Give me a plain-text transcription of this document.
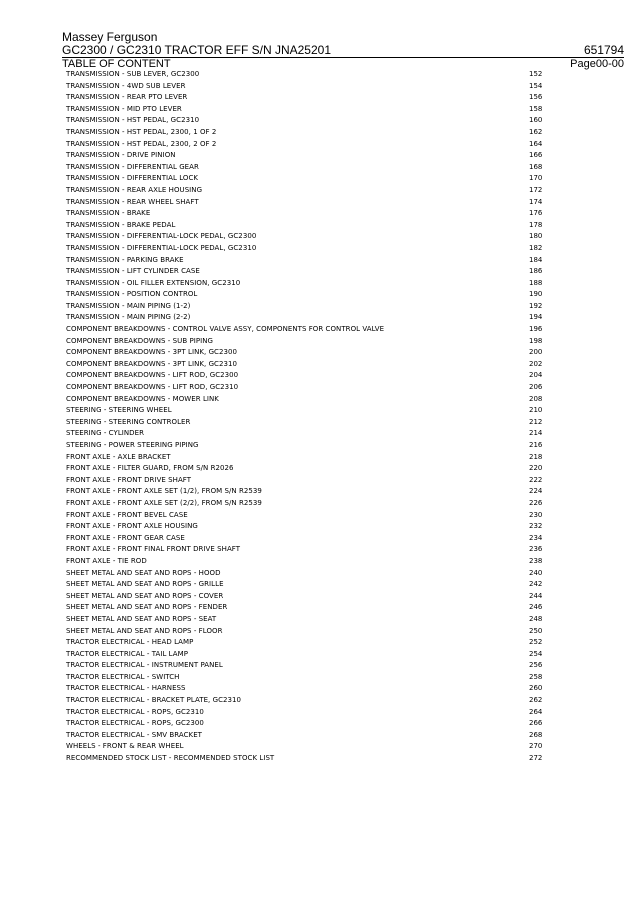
Massey Ferguson
GC2300 / GC2310 TRACTOR EFF S/N JNA25201	651794
TABLE OF CONTENT	Page00-00
TRANSMISSION - SUB LEVER, GC2300	152
TRANSMISSION - 4WD SUB LEVER	154
TRANSMISSION - REAR PTO LEVER	156
TRANSMISSION - MID PTO LEVER	158
TRANSMISSION - HST PEDAL, GC2310	160
TRANSMISSION - HST PEDAL, 2300, 1 OF 2	162
TRANSMISSION - HST PEDAL, 2300, 2 OF 2	164
TRANSMISSION - DRIVE PINION	166
TRANSMISSION - DIFFERENTIAL GEAR	168
TRANSMISSION - DIFFERENTIAL LOCK	170
TRANSMISSION - REAR AXLE HOUSING	172
TRANSMISSION - REAR WHEEL SHAFT	174
TRANSMISSION - BRAKE	176
TRANSMISSION - BRAKE PEDAL	178
TRANSMISSION - DIFFERENTIAL-LOCK PEDAL, GC2300	180
TRANSMISSION - DIFFERENTIAL-LOCK PEDAL, GC2310	182
TRANSMISSION - PARKING BRAKE	184
TRANSMISSION - LIFT CYLINDER CASE	186
TRANSMISSION - OIL FILLER EXTENSION, GC2310	188
TRANSMISSION - POSITION CONTROL	190
TRANSMISSION - MAIN PIPING (1-2)	192
TRANSMISSION - MAIN PIPING (2-2)	194
COMPONENT BREAKDOWNS - CONTROL VALVE ASSY, COMPONENTS FOR CONTROL VALVE	196
COMPONENT BREAKDOWNS - SUB PIPING	198
COMPONENT BREAKDOWNS - 3PT LINK, GC2300	200
COMPONENT BREAKDOWNS - 3PT LINK, GC2310	202
COMPONENT BREAKDOWNS - LIFT ROD, GC2300	204
COMPONENT BREAKDOWNS - LIFT ROD, GC2310	206
COMPONENT BREAKDOWNS - MOWER LINK	208
STEERING - STEERING WHEEL	210
STEERING - STEERING CONTROLER	212
STEERING - CYLINDER	214
STEERING - POWER STEERING PIPING	216
FRONT AXLE - AXLE BRACKET	218
FRONT AXLE - FILTER GUARD, FROM S/N R2026	220
FRONT AXLE - FRONT DRIVE SHAFT	222
FRONT AXLE - FRONT AXLE SET (1/2), FROM S/N R2539	224
FRONT AXLE - FRONT AXLE SET (2/2), FROM S/N R2539	226
FRONT AXLE - FRONT BEVEL CASE	230
FRONT AXLE - FRONT AXLE HOUSING	232
FRONT AXLE - FRONT GEAR CASE	234
FRONT AXLE - FRONT FINAL FRONT DRIVE SHAFT	236
FRONT AXLE - TIE ROD	238
SHEET METAL AND SEAT AND ROPS - HOOD	240
SHEET METAL AND SEAT AND ROPS - GRILLE	242
SHEET METAL AND SEAT AND ROPS - COVER	244
SHEET METAL AND SEAT AND ROPS - FENDER	246
SHEET METAL AND SEAT AND ROPS - SEAT	248
SHEET METAL AND SEAT AND ROPS - FLOOR	250
TRACTOR ELECTRICAL - HEAD LAMP	252
TRACTOR ELECTRICAL - TAIL LAMP	254
TRACTOR ELECTRICAL - INSTRUMENT PANEL	256
TRACTOR ELECTRICAL - SWITCH	258
TRACTOR ELECTRICAL - HARNESS	260
TRACTOR ELECTRICAL - BRACKET PLATE, GC2310	262
TRACTOR ELECTRICAL - ROPS, GC2310	264
TRACTOR ELECTRICAL - ROPS, GC2300	266
TRACTOR ELECTRICAL - SMV BRACKET	268
WHEELS - FRONT & REAR WHEEL	270
RECOMMENDED STOCK LIST - RECOMMENDED STOCK LIST	272
